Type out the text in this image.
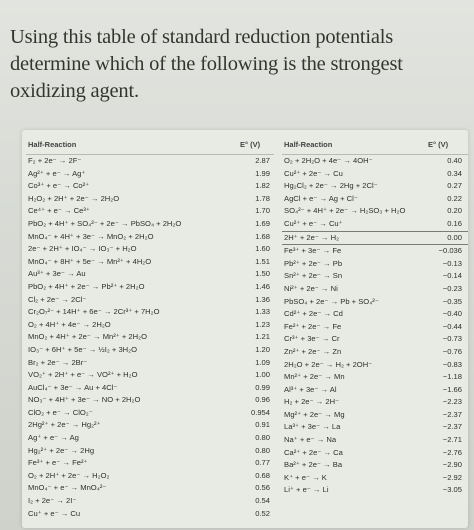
Using this table of standard reduction potentials determine which of the following is the strongest oxidizing agent.
Half-Reaction	E° (V)
F₂ + 2e⁻ → 2F⁻	2.87
Ag²⁺ + e⁻ → Ag⁺	1.99
Co³⁺ + e⁻ → Co²⁺	1.82
H₂O₂ + 2H⁺ + 2e⁻ → 2H₂O	1.78
Ce⁴⁺ + e⁻ → Ce³⁺	1.70
PbO₂ + 4H⁺ + SO₄²⁻ + 2e⁻ → PbSO₄ + 2H₂O	1.69
MnO₄⁻ + 4H⁺ + 3e⁻ → MnO₂ + 2H₂O	1.68
2e⁻ + 2H⁺ + IO₄⁻ → IO₃⁻ + H₂O	1.60
MnO₄⁻ + 8H⁺ + 5e⁻ → Mn²⁺ + 4H₂O	1.51
Au³⁺ + 3e⁻ → Au	1.50
PbO₂ + 4H⁺ + 2e⁻ → Pb²⁺ + 2H₂O	1.46
Cl₂ + 2e⁻ → 2Cl⁻	1.36
Cr₂O₇²⁻ + 14H⁺ + 6e⁻ → 2Cr³⁺ + 7H₂O	1.33
O₂ + 4H⁺ + 4e⁻ → 2H₂O	1.23
MnO₂ + 4H⁺ + 2e⁻ → Mn²⁺ + 2H₂O	1.21
IO₃⁻ + 6H⁺ + 5e⁻ → ½I₂ + 3H₂O	1.20
Br₂ + 2e⁻ → 2Br⁻	1.09
VO₂⁺ + 2H⁺ + e⁻ → VO²⁺ + H₂O	1.00
AuCl₄⁻ + 3e⁻ → Au + 4Cl⁻	0.99
NO₃⁻ + 4H⁺ + 3e⁻ → NO + 2H₂O	0.96
ClO₂ + e⁻ → ClO₂⁻	0.954
2Hg²⁺ + 2e⁻ → Hg₂²⁺	0.91
Ag⁺ + e⁻ → Ag	0.80
Hg₂²⁺ + 2e⁻ → 2Hg	0.80
Fe³⁺ + e⁻ → Fe²⁺	0.77
O₂ + 2H⁺ + 2e⁻ → H₂O₂	0.68
MnO₄⁻ + e⁻ → MnO₄²⁻	0.56
I₂ + 2e⁻ → 2I⁻	0.54
Cu⁺ + e⁻ → Cu	0.52
Half-Reaction	E° (V)
O₂ + 2H₂O + 4e⁻ → 4OH⁻	0.40
Cu²⁺ + 2e⁻ → Cu	0.34
Hg₂Cl₂ + 2e⁻ → 2Hg + 2Cl⁻	0.27
AgCl + e⁻ → Ag + Cl⁻	0.22
SO₄²⁻ + 4H⁺ + 2e⁻ → H₂SO₃ + H₂O	0.20
Cu²⁺ + e⁻ → Cu⁺	0.16
2H⁺ + 2e⁻ → H₂	0.00
Fe³⁺ + 3e⁻ → Fe	−0.036
Pb²⁺ + 2e⁻ → Pb	−0.13
Sn²⁺ + 2e⁻ → Sn	−0.14
Ni²⁺ + 2e⁻ → Ni	−0.23
PbSO₄ + 2e⁻ → Pb + SO₄²⁻	−0.35
Cd²⁺ + 2e⁻ → Cd	−0.40
Fe²⁺ + 2e⁻ → Fe	−0.44
Cr³⁺ + 3e⁻ → Cr	−0.73
Zn²⁺ + 2e⁻ → Zn	−0.76
2H₂O + 2e⁻ → H₂ + 2OH⁻	−0.83
Mn²⁺ + 2e⁻ → Mn	−1.18
Al³⁺ + 3e⁻ → Al	−1.66
H₂ + 2e⁻ → 2H⁻	−2.23
Mg²⁺ + 2e⁻ → Mg	−2.37
La³⁺ + 3e⁻ → La	−2.37
Na⁺ + e⁻ → Na	−2.71
Ca²⁺ + 2e⁻ → Ca	−2.76
Ba²⁺ + 2e⁻ → Ba	−2.90
K⁺ + e⁻ → K	−2.92
Li⁺ + e⁻ → Li	−3.05
